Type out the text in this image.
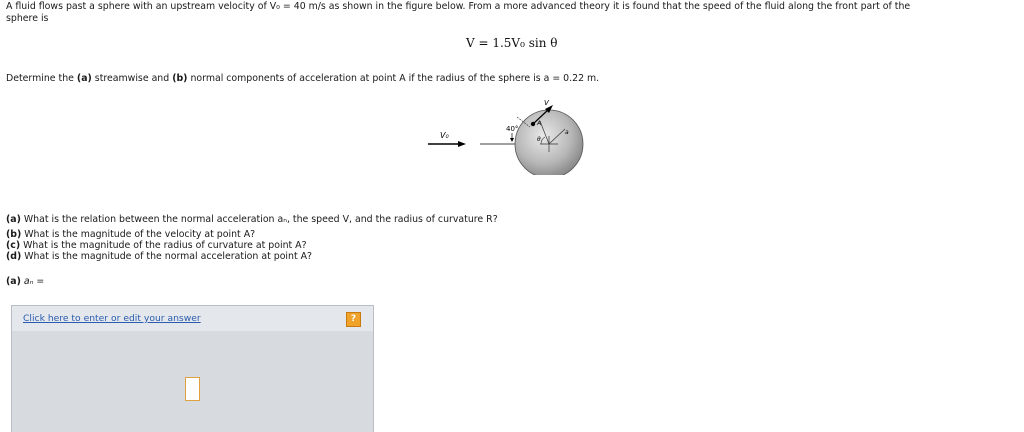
A fluid flows past a sphere with an upstream velocity of V₀ = 40 m/s as shown in the figure below. From a more advanced theory it is found that the speed of the fluid along the front part of the
sphere is
V = 1.5V₀ sin θ
Determine the (a) streamwise and (b) normal components of acceleration at point A if the radius of the sphere is a = 0.22 m.
V₀	θ
a
A
V
40°
(a) What is the relation between the normal acceleration aₙ, the speed V, and the radius of curvature R?
(b) What is the magnitude of the velocity at point A?
(c) What is the magnitude of the radius of curvature at point A?
(d) What is the magnitude of the normal acceleration at point A?
(a) aₙ =
Click here to enter or edit your answer	?
